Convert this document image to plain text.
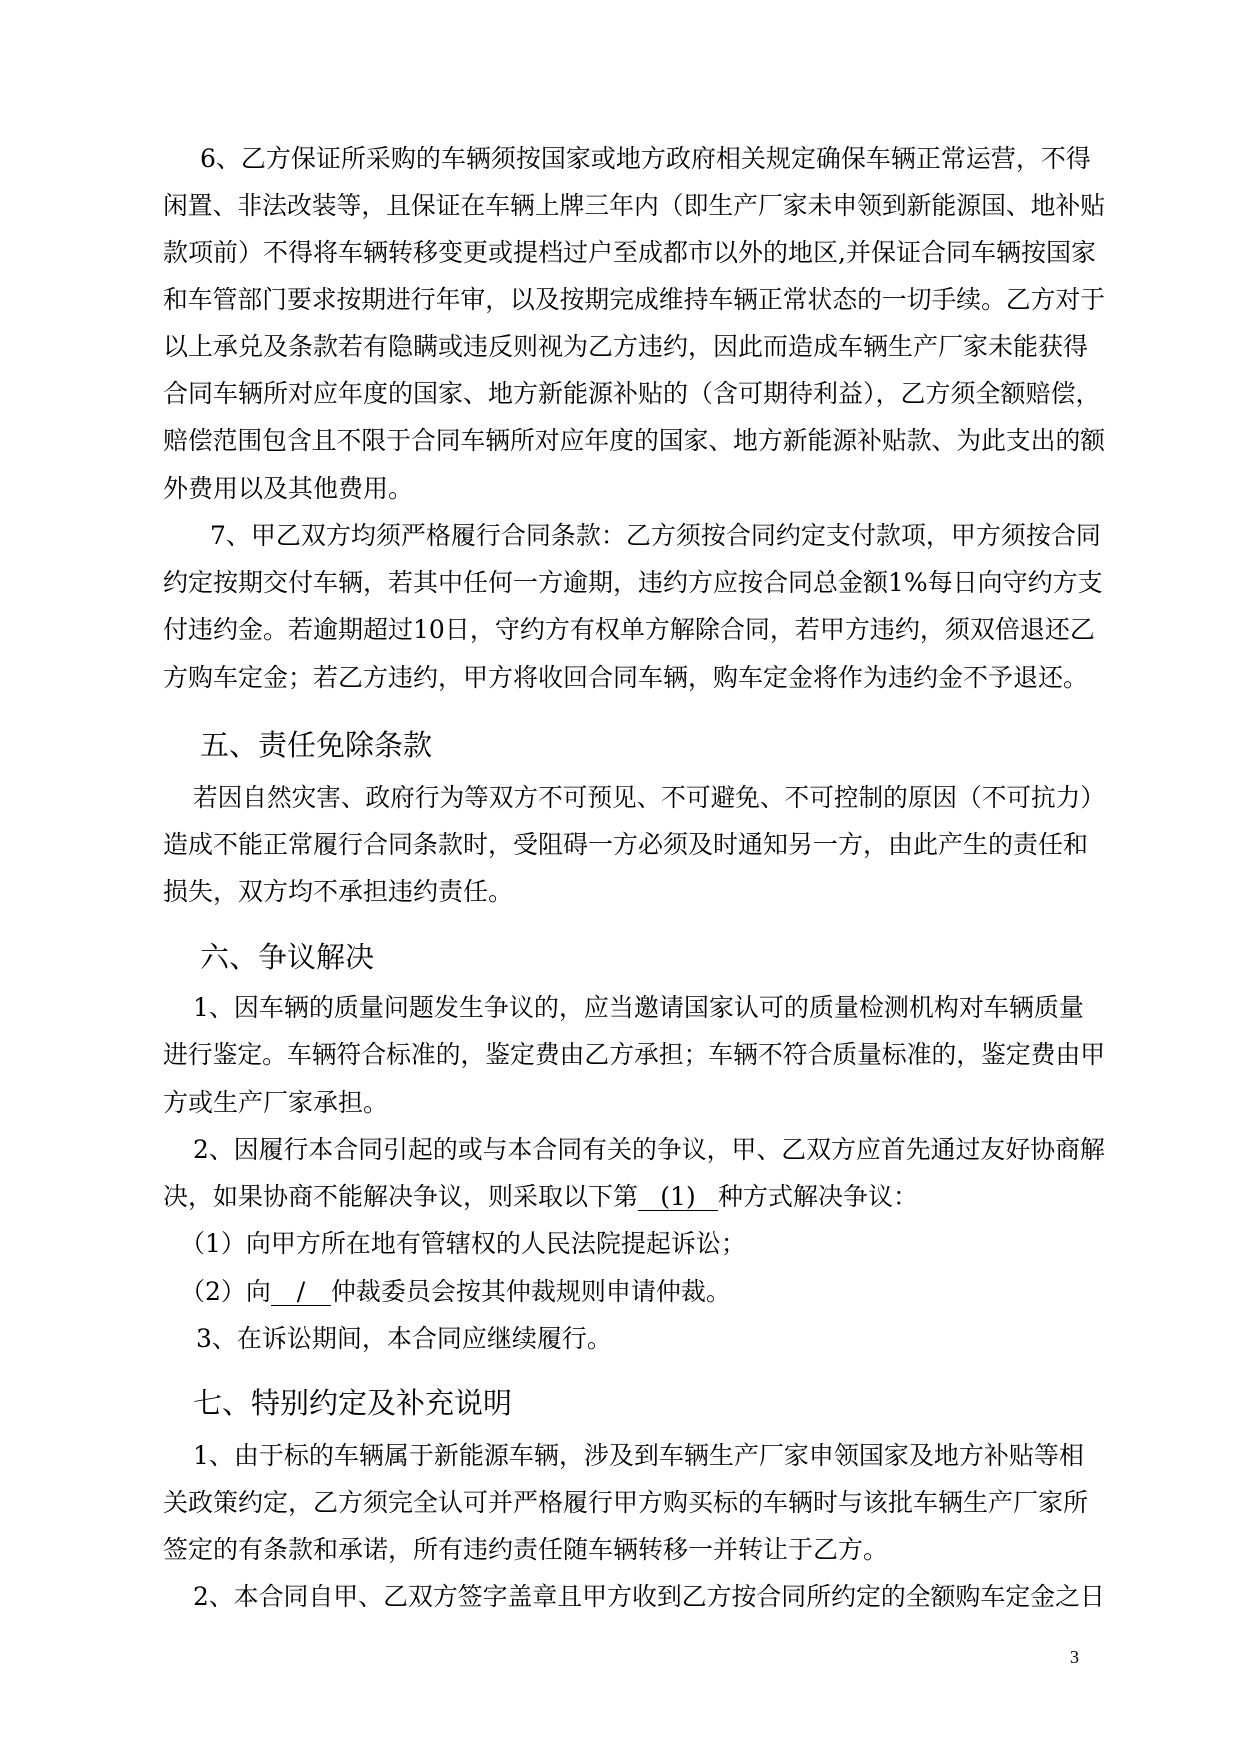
6、乙方保证所采购的车辆须按国家或地方政府相关规定确保车辆正常运营，不得
闲置、非法改装等，且保证在车辆上牌三年内（即生产厂家未申领到新能源国、地补贴
款项前）不得将车辆转移变更或提档过户至成都市以外的地区,并保证合同车辆按国家
和车管部门要求按期进行年审，以及按期完成维持车辆正常状态的一切手续。乙方对于
以上承兑及条款若有隐瞒或违反则视为乙方违约，因此而造成车辆生产厂家未能获得
合同车辆所对应年度的国家、地方新能源补贴的（含可期待利益），乙方须全额赔偿，
赔偿范围包含且不限于合同车辆所对应年度的国家、地方新能源补贴款、为此支出的额
外费用以及其他费用。
7、甲乙双方均须严格履行合同条款：乙方须按合同约定支付款项，甲方须按合同
约定按期交付车辆，若其中任何一方逾期，违约方应按合同总金额1%每日向守约方支
付违约金。若逾期超过10日，守约方有权单方解除合同，若甲方违约，须双倍退还乙
方购车定金；若乙方违约，甲方将收回合同车辆，购车定金将作为违约金不予退还。
五、责任免除条款
若因自然灾害、政府行为等双方不可预见、不可避免、不可控制的原因（不可抗力）
造成不能正常履行合同条款时，受阻碍一方必须及时通知另一方，由此产生的责任和
损失，双方均不承担违约责任。
六、争议解决
1、因车辆的质量问题发生争议的，应当邀请国家认可的质量检测机构对车辆质量
进行鉴定。车辆符合标准的，鉴定费由乙方承担；车辆不符合质量标准的，鉴定费由甲
方或生产厂家承担。
2、因履行本合同引起的或与本合同有关的争议，甲、乙双方应首先通过友好协商解
决，如果协商不能解决争议，则采取以下第 (1) 种方式解决争议：
（1）向甲方所在地有管辖权的人民法院提起诉讼；
（2）向 / 仲裁委员会按其仲裁规则申请仲裁。
3、在诉讼期间，本合同应继续履行。
七、特别约定及补充说明
1、由于标的车辆属于新能源车辆，涉及到车辆生产厂家申领国家及地方补贴等相
关政策约定，乙方须完全认可并严格履行甲方购买标的车辆时与该批车辆生产厂家所
签定的有条款和承诺，所有违约责任随车辆转移一并转让于乙方。
2、本合同自甲、乙双方签字盖章且甲方收到乙方按合同所约定的全额购车定金之日
3
